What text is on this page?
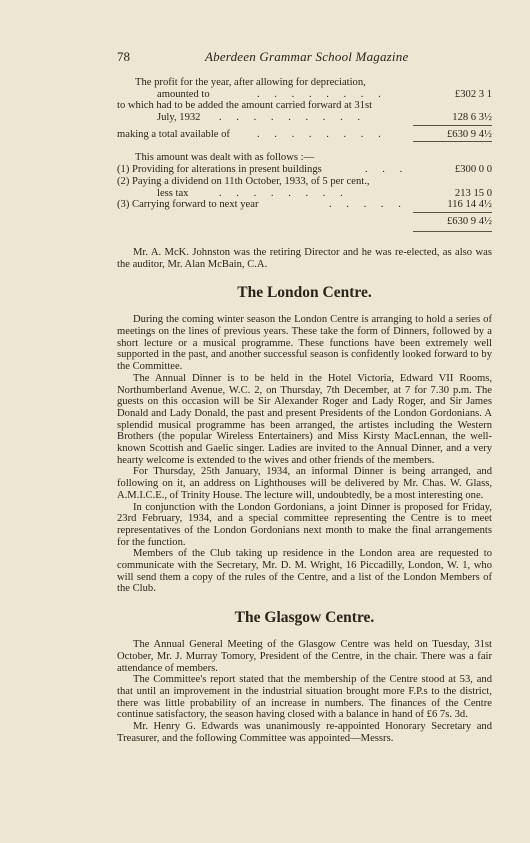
78	Aberdeen Grammar School Magazine
The profit for the year, after allowing for depreciation,
amounted to	. . . . . . . .	£302 3 1
to which had to be added the amount carried forward at 31st
July, 1932 . . . . . . . . .	128 6 3½
making a total available of	. . . . . . . .	£630 9 4½
This amount was dealt with as follows :—
(1) Providing for alterations in present buildings	. . .	£300 0 0
(2) Paying a dividend on 11th October, 1933, of 5 per cent.,
less tax	. . . . . . . .	213 15 0
(3) Carrying forward to next year	. . . . .	116 14 4½
£630 9 4½

Mr. A. McK. Johnston was the retiring Director and he was re-elected, as also was the auditor, Mr. Alan McBain, C.A.

The London Centre.

During the coming winter season the London Centre is arranging to hold a series of meetings on the lines of previous years. These take the form of Dinners, followed by a short lecture or a musical programme. These functions have been extremely well supported in the past, and another successful season is confidently looked forward to by the Committee.

The Annual Dinner is to be held in the Hotel Victoria, Edward VII Rooms, Northumberland Avenue, W.C. 2, on Thursday, 7th December, at 7 for 7.30 p.m. The guests on this occasion will be Sir Alexander Roger and Lady Roger, and Sir James Donald and Lady Donald, the past and present Presidents of the London Gordonians. A splendid musical programme has been arranged, the artistes including the Western Brothers (the popular Wireless Entertainers) and Miss Kirsty MacLennan, the well-known Scottish and Gaelic singer. Ladies are invited to the Annual Dinner, and a very hearty welcome is extended to the wives and other friends of the members.

For Thursday, 25th January, 1934, an informal Dinner is being arranged, and following on it, an address on Lighthouses will be delivered by Mr. Chas. W. Glass, A.M.I.C.E., of Trinity House. The lecture will, undoubtedly, be a most interesting one.

In conjunction with the London Gordonians, a joint Dinner is proposed for Friday, 23rd February, 1934, and a special committee representing the Centre is to meet representatives of the London Gordonians next month to make the final arrangements for the function.

Members of the Club taking up residence in the London area are requested to communicate with the Secretary, Mr. D. M. Wright, 16 Piccadilly, London, W. 1, who will send them a copy of the rules of the Centre, and a list of the London Members of the Club.

The Glasgow Centre.

The Annual General Meeting of the Glasgow Centre was held on Tuesday, 31st October, Mr. J. Murray Tomory, President of the Centre, in the chair. There was a fair attendance of members.

The Committee's report stated that the membership of the Centre stood at 53, and that until an improvement in the industrial situation brought more F.P.s to the district, there was little probability of an increase in numbers. The finances of the Centre continue satisfactory, the season having closed with a balance in hand of £6 7s. 3d.

Mr. Henry G. Edwards was unanimously re-appointed Honorary Secretary and Treasurer, and the following Committee was appointed—Messrs.
